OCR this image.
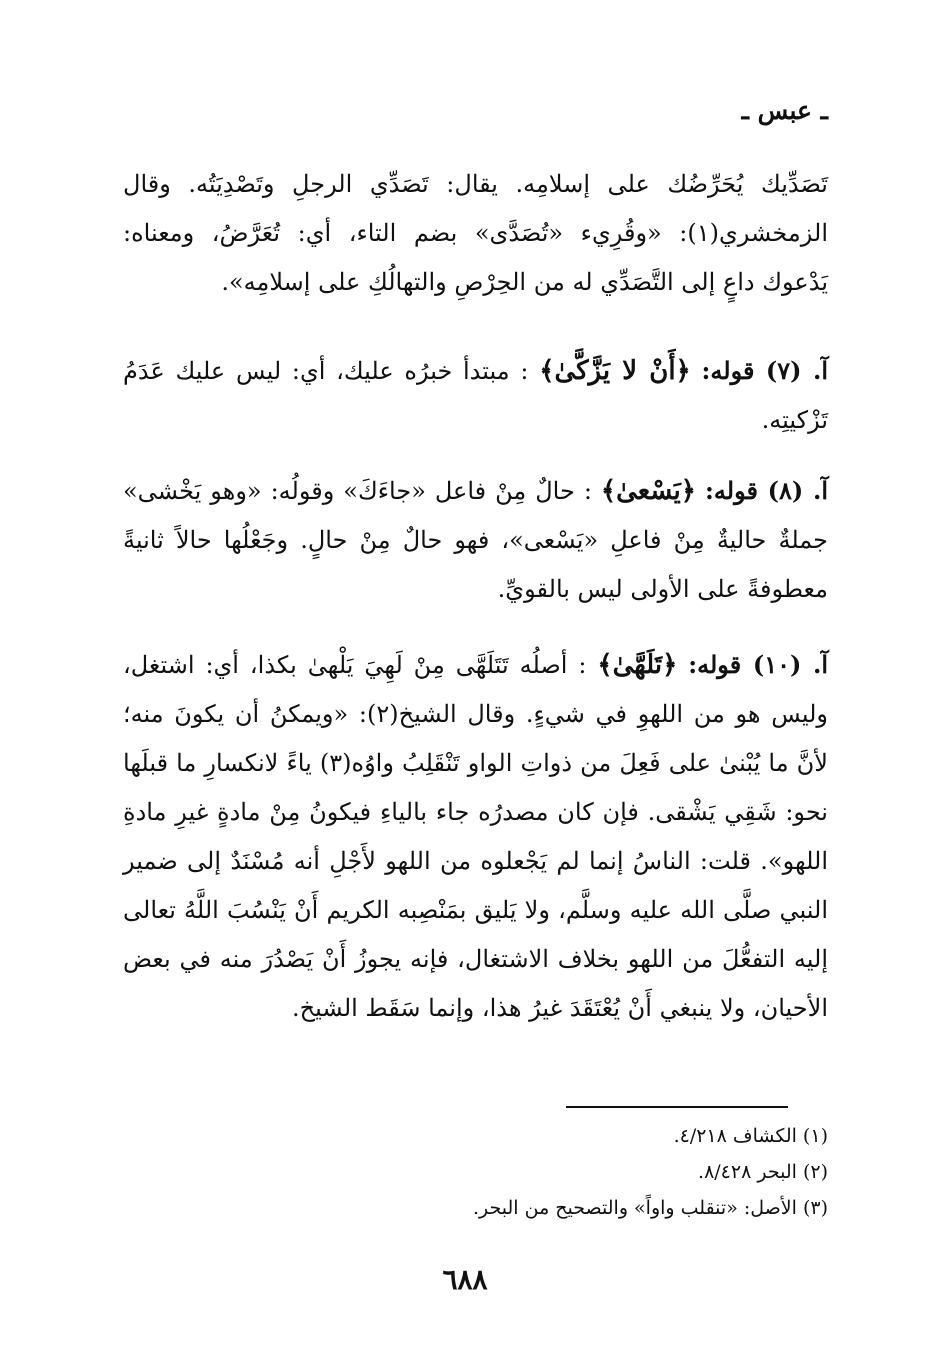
ـ عبس ـ
تَصَدِّيك يُحَرِّضُك على إسلامِه. يقال: تَصَدِّي الرجلِ وتَصْدِيَتُه. وقال الزمخشري(١): «وقُرِيء «تُصَدَّى» بضم التاء، أي: تُعَرَّضُ، ومعناه: يَدْعوك داعٍ إلى التَّصَدِّي له من الحِرْصِ والتهالُكِ على إسلامِه».
آ. (٧) قوله: ﴿أَنْ لا يَزَّكَّىٰ﴾ : مبتدأ خبرُه عليك، أي: ليس عليك عَدَمُ تَزْكيتِه.
آ. (٨) قوله: ﴿يَسْعىٰ﴾ : حالٌ مِنْ فاعل «جاءَكَ» وقولُه: «وهو يَخْشى» جملةٌ حاليةٌ مِنْ فاعلِ «يَسْعى»، فهو حالٌ مِنْ حالٍ. وجَعْلُها حالاً ثانيةً معطوفةً على الأولى ليس بالقويِّ.
آ. (١٠) قوله: ﴿تَلَهَّىٰ﴾ : أصلُه تَتَلَهَّى مِنْ لَهِيَ يَلْهىٰ بكذا، أي: اشتغل، وليس هو من اللهوِ في شيءٍ. وقال الشيخ(٢): «ويمكنُ أن يكونَ منه؛ لأنَّ ما يُبْنىٰ على فَعِلَ من ذواتِ الواو تَنْقَلِبُ واوُه(٣) ياءً لانكسارِ ما قبلَها نحو: شَقِي يَشْقى. فإن كان مصدرُه جاء بالياءِ فيكونُ مِنْ مادةٍ غيرِ مادةِ اللهو». قلت: الناسُ إنما لم يَجْعلوه من اللهو لأَجْلِ أنه مُسْنَدٌ إلى ضمير النبي صلَّى الله عليه وسلَّم، ولا يَليق بمَنْصِبه الكريم أَنْ يَنْسُبَ اللَّهُ تعالى إليه التفعُّلَ من اللهو بخلاف الاشتغال، فإنه يجوزُ أَنْ يَصْدُرَ منه في بعض الأحيان، ولا ينبغي أَنْ يُعْتَقَدَ غيرُ هذا، وإنما سَقَط الشيخ.
(١) الكشاف ٤/٢١٨.
(٢) البحر ٨/٤٢٨.
(٣) الأصل: «تنقلب واواً» والتصحيح من البحر.
٦٨٨
